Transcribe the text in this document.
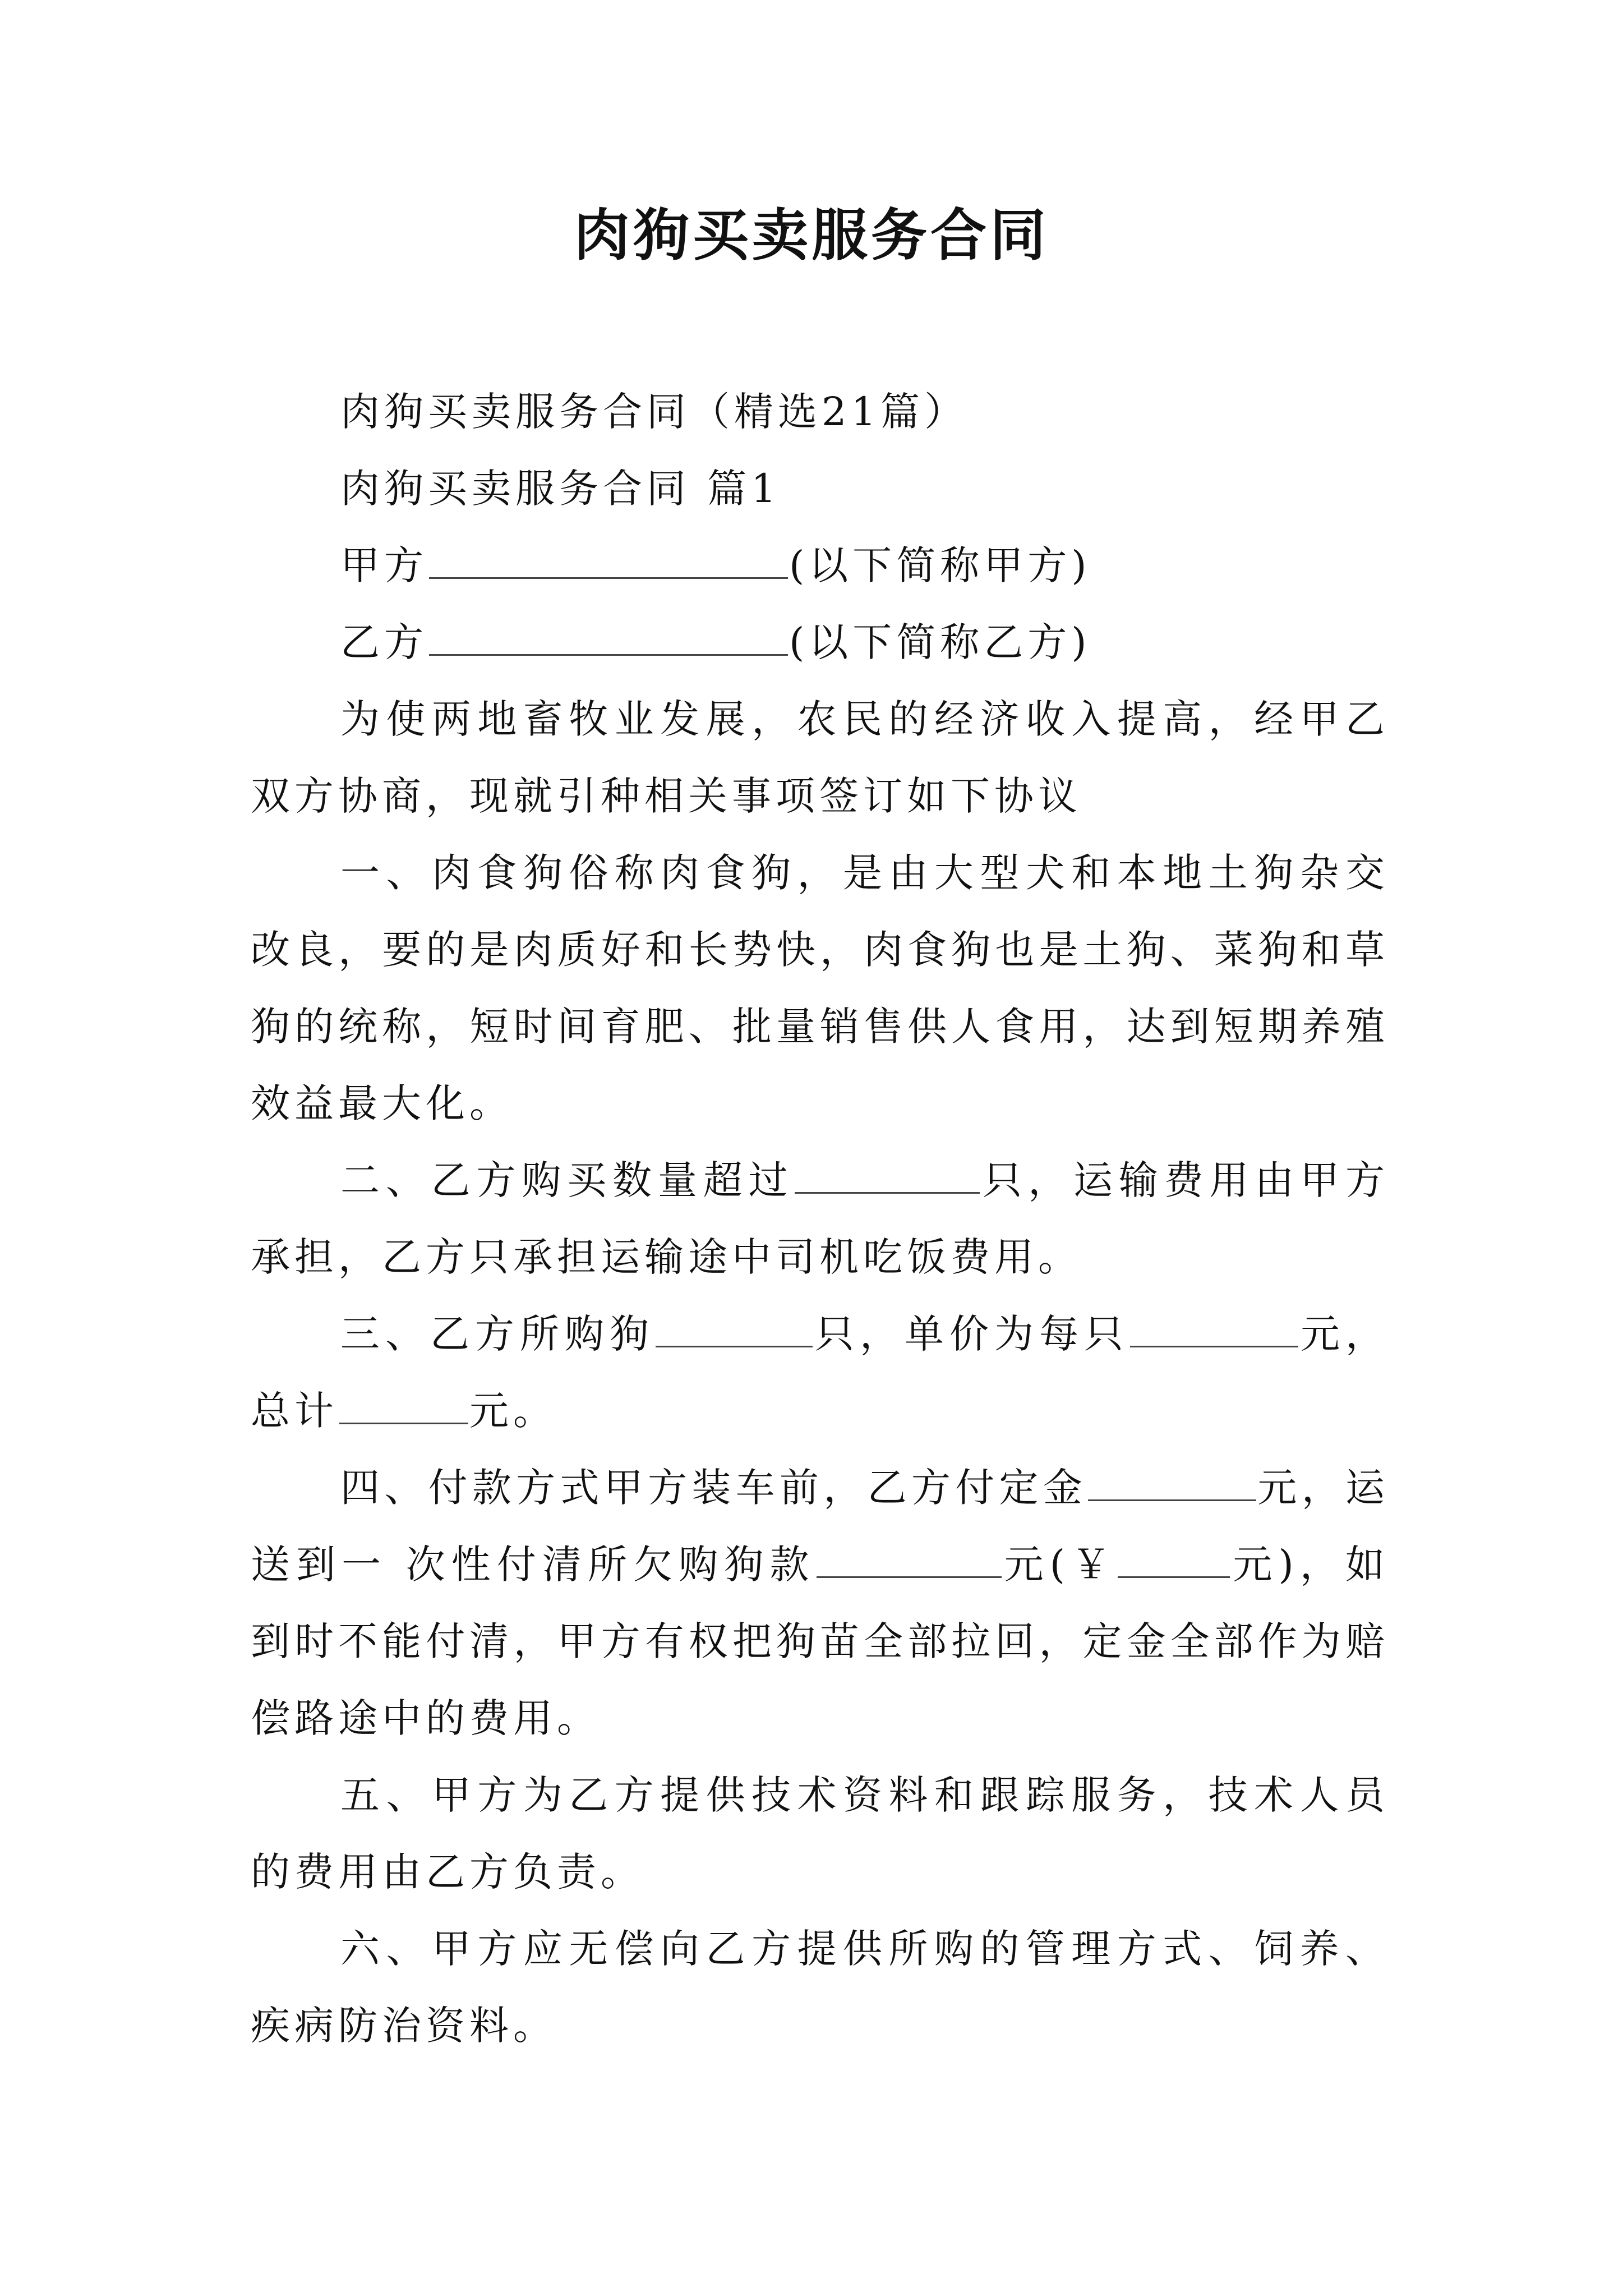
肉狗买卖服务合同

肉狗买卖服务合同（精选21篇）

肉狗买卖服务合同 篇1

甲方	(以下简称甲方)

乙方	(以下简称乙方)

为使两地畜牧业发展，农民的经济收入提高，经甲乙双方协商，现就引种相关事项签订如下协议

一、肉食狗俗称肉食狗，是由大型犬和本地土狗杂交改良，要的是肉质好和长势快，肉食狗也是土狗、菜狗和草狗的统称，短时间育肥、批量销售供人食用，达到短期养殖效益最大化。

二、乙方购买数量超过	只，运输费用由甲方承担，乙方只承担运输途中司机吃饭费用。

三、乙方所购狗	只，单价为每只	元，总计	元。

四、付款方式甲方装车前，乙方付定金	元，运送到一 次性付清所欠购狗款	元(￥	元)，如到时不能付清，甲方有权把狗苗全部拉回，定金全部作为赔偿路途中的费用。

五、甲方为乙方提供技术资料和跟踪服务，技术人员的费用由乙方负责。

六、甲方应无偿向乙方提供所购的管理方式、饲养、疾病防治资料。
